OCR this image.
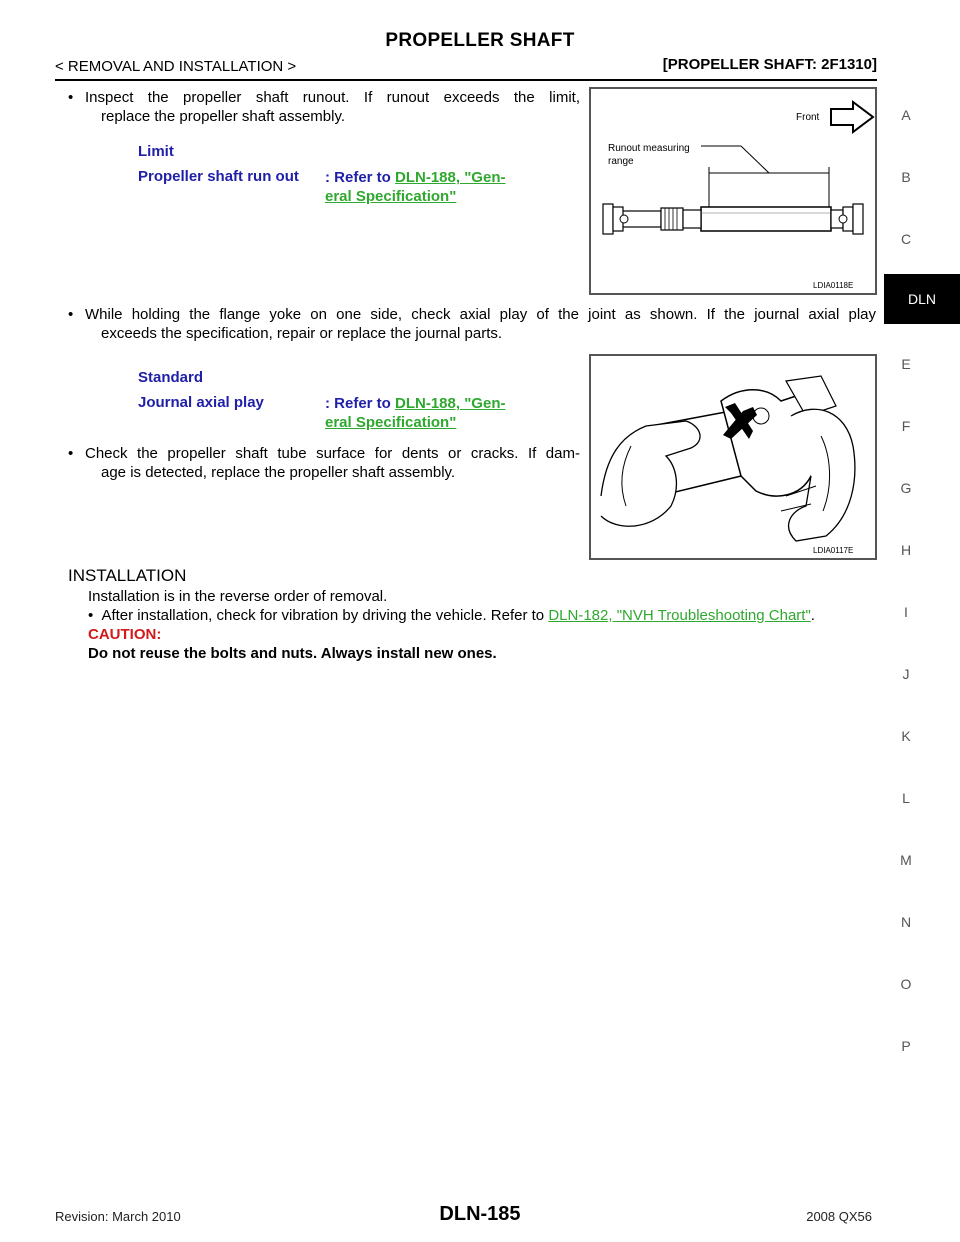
PROPELLER SHAFT
< REMOVAL AND INSTALLATION >	[PROPELLER SHAFT: 2F1310]
A
B
C
DLN
E
F
G
H
I
J
K
L
M
N
O
P
• Inspect the propeller shaft runout. If runout exceeds the limit,
replace the propeller shaft assembly.
Limit
Propeller shaft run out : Refer to DLN-188, "Gen-
eral Specification"
Front
Runout measuring
range
LDIA0118E
• While holding the flange yoke on one side, check axial play of the joint as shown. If the journal axial play
exceeds the specification, repair or replace the journal parts.
Standard
Journal axial play	: Refer to DLN-188, "Gen-
eral Specification"
• Check the propeller shaft tube surface for dents or cracks. If dam-
age is detected, replace the propeller shaft assembly.
LDIA0117E
INSTALLATION
Installation is in the reverse order of removal.
• After installation, check for vibration by driving the vehicle. Refer to DLN-182, "NVH Troubleshooting Chart".
CAUTION:
Do not reuse the bolts and nuts. Always install new ones.
Revision: March 2010	DLN-185	2008 QX56
